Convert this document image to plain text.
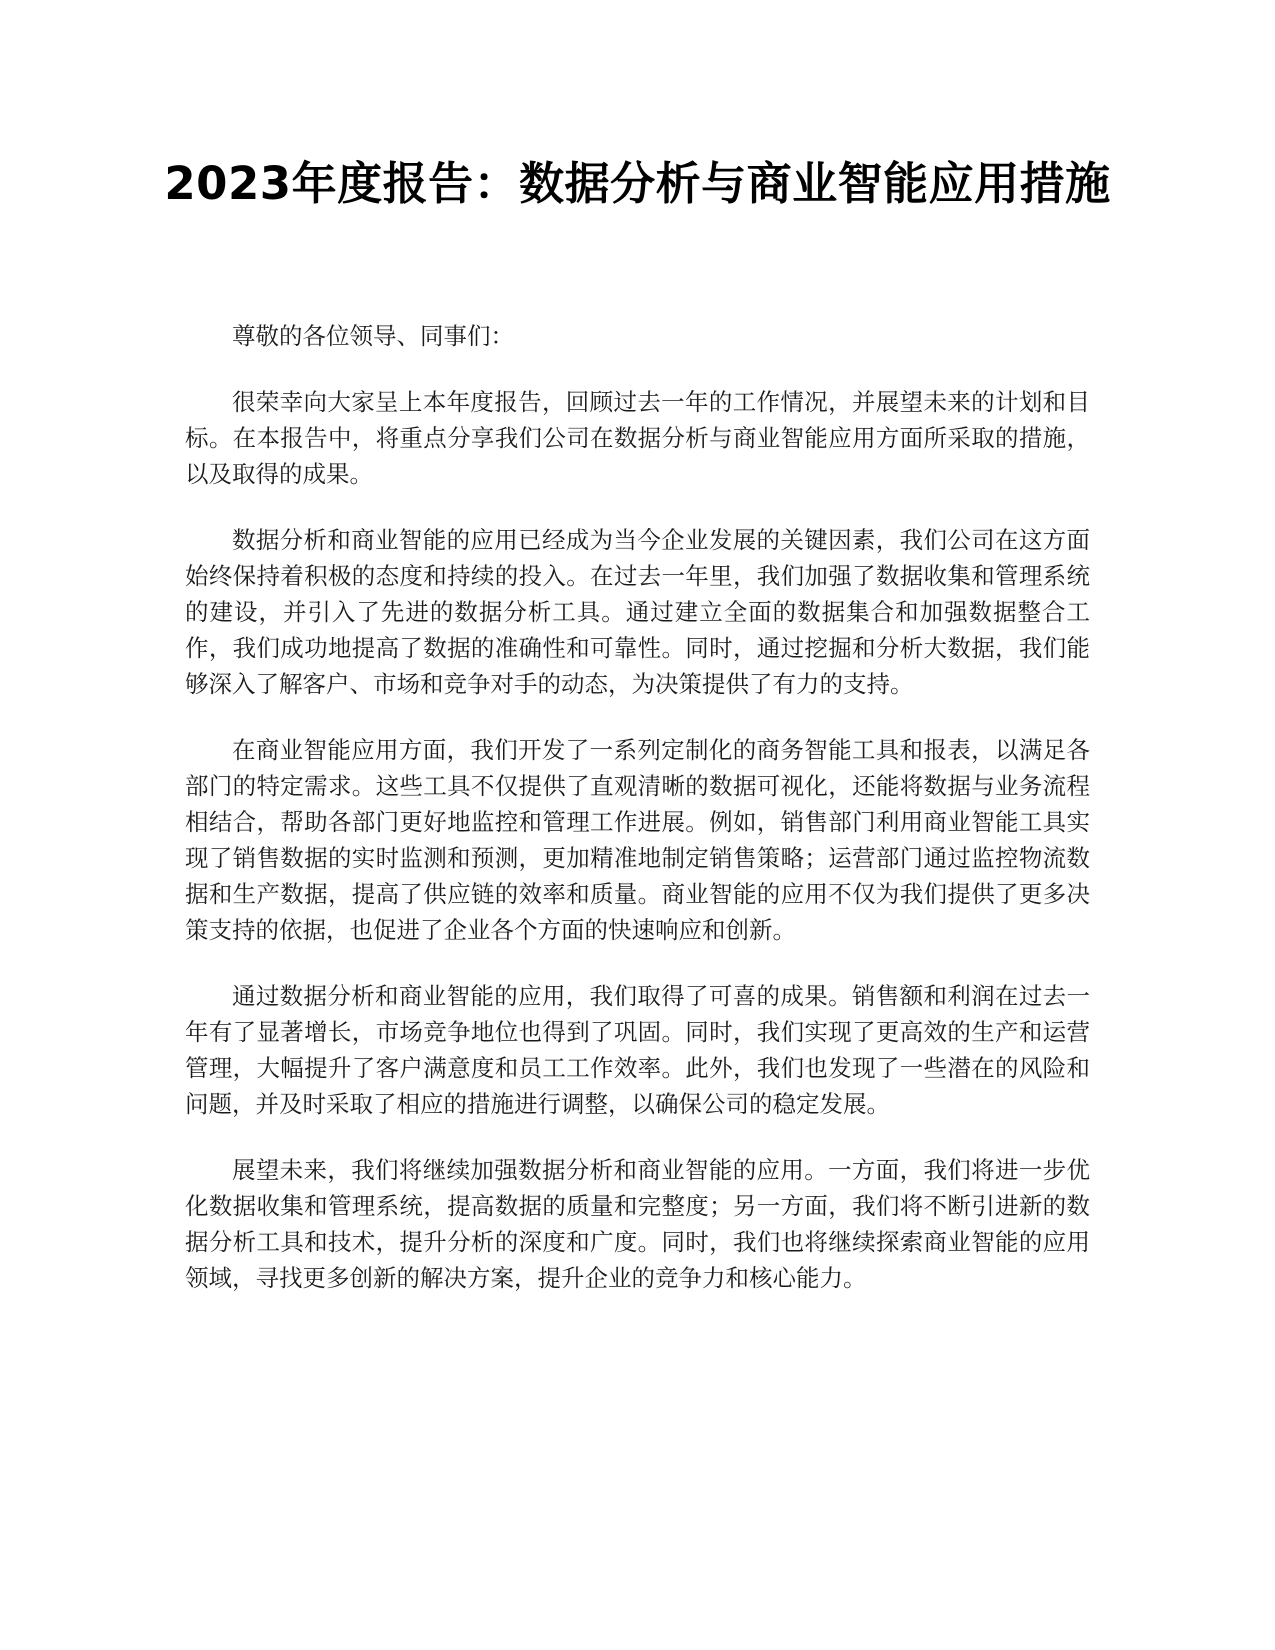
2023年度报告：数据分析与商业智能应用措施

尊敬的各位领导、同事们：

很荣幸向大家呈上本年度报告，回顾过去一年的工作情况，并展望未来的计划和目标。在本报告中，将重点分享我们公司在数据分析与商业智能应用方面所采取的措施，以及取得的成果。

数据分析和商业智能的应用已经成为当今企业发展的关键因素，我们公司在这方面始终保持着积极的态度和持续的投入。在过去一年里，我们加强了数据收集和管理系统的建设，并引入了先进的数据分析工具。通过建立全面的数据集合和加强数据整合工作，我们成功地提高了数据的准确性和可靠性。同时，通过挖掘和分析大数据，我们能够深入了解客户、市场和竞争对手的动态，为决策提供了有力的支持。

在商业智能应用方面，我们开发了一系列定制化的商务智能工具和报表，以满足各部门的特定需求。这些工具不仅提供了直观清晰的数据可视化，还能将数据与业务流程相结合，帮助各部门更好地监控和管理工作进展。例如，销售部门利用商业智能工具实现了销售数据的实时监测和预测，更加精准地制定销售策略；运营部门通过监控物流数据和生产数据，提高了供应链的效率和质量。商业智能的应用不仅为我们提供了更多决策支持的依据，也促进了企业各个方面的快速响应和创新。

通过数据分析和商业智能的应用，我们取得了可喜的成果。销售额和利润在过去一年有了显著增长，市场竞争地位也得到了巩固。同时，我们实现了更高效的生产和运营管理，大幅提升了客户满意度和员工工作效率。此外，我们也发现了一些潜在的风险和问题，并及时采取了相应的措施进行调整，以确保公司的稳定发展。

展望未来，我们将继续加强数据分析和商业智能的应用。一方面，我们将进一步优化数据收集和管理系统，提高数据的质量和完整度；另一方面，我们将不断引进新的数据分析工具和技术，提升分析的深度和广度。同时，我们也将继续探索商业智能的应用领域，寻找更多创新的解决方案，提升企业的竞争力和核心能力。
